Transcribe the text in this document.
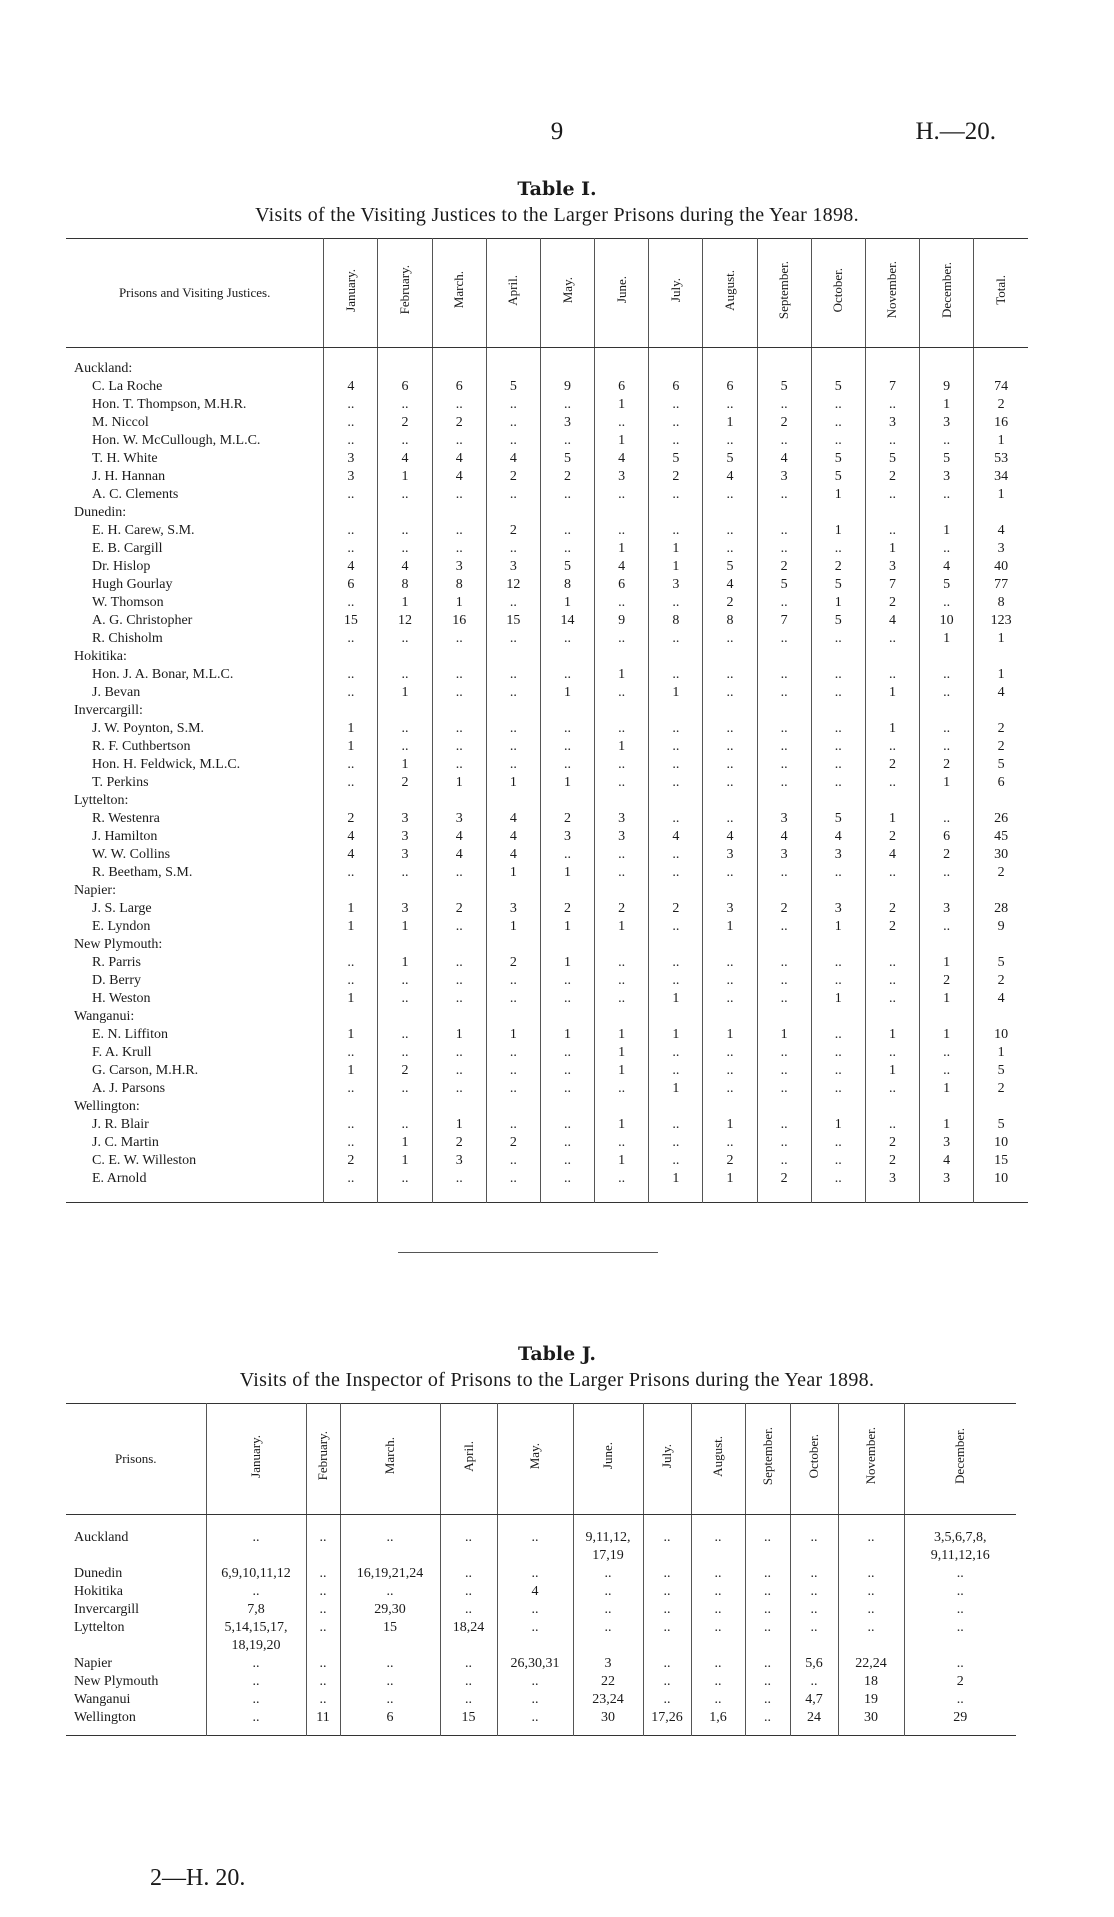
9	H.—20.
Table I.
Visits of the Visiting Justices to the Larger Prisons during the Year 1898.
Prisons and Visiting Justices.	January.	February.	March.	April.	May.	June.	July.	August.	September.	October.	November.	December.	Total.
Auckland:													
C. La Roche	4	6	6	5	9	6	6	6	5	5	7	9	74
Hon. T. Thompson, M.H.R.	..	..	..	..	..	1	..	..	..	..	..	1	2
M. Niccol	..	2	2	..	3	..	..	1	2	..	3	3	16
Hon. W. McCullough, M.L.C.	..	..	..	..	..	1	..	..	..	..	..	..	1
T. H. White	3	4	4	4	5	4	5	5	4	5	5	5	53
J. H. Hannan	3	1	4	2	2	3	2	4	3	5	2	3	34
A. C. Clements	..	..	..	..	..	..	..	..	..	1	..	..	1
Dunedin:													
E. H. Carew, S.M.	..	..	..	2	..	..	..	..	..	1	..	1	4
E. B. Cargill	..	..	..	..	..	1	1	..	..	..	1	..	3
Dr. Hislop	4	4	3	3	5	4	1	5	2	2	3	4	40
Hugh Gourlay	6	8	8	12	8	6	3	4	5	5	7	5	77
W. Thomson	..	1	1	..	1	..	..	2	..	1	2	..	8
A. G. Christopher	15	12	16	15	14	9	8	8	7	5	4	10	123
R. Chisholm	..	..	..	..	..	..	..	..	..	..	..	1	1
Hokitika:													
Hon. J. A. Bonar, M.L.C.	..	..	..	..	..	1	..	..	..	..	..	..	1
J. Bevan	..	1	..	..	1	..	1	..	..	..	1	..	4
Invercargill:													
J. W. Poynton, S.M.	1	..	..	..	..	..	..	..	..	..	1	..	2
R. F. Cuthbertson	1	..	..	..	..	1	..	..	..	..	..	..	2
Hon. H. Feldwick, M.L.C.	..	1	..	..	..	..	..	..	..	..	2	2	5
T. Perkins	..	2	1	1	1	..	..	..	..	..	..	1	6
Lyttelton:													
R. Westenra	2	3	3	4	2	3	..	..	3	5	1	..	26
J. Hamilton	4	3	4	4	3	3	4	4	4	4	2	6	45
W. W. Collins	4	3	4	4	..	..	..	3	3	3	4	2	30
R. Beetham, S.M.	..	..	..	1	1	..	..	..	..	..	..	..	2
Napier:													
J. S. Large	1	3	2	3	2	2	2	3	2	3	2	3	28
E. Lyndon	1	1	..	1	1	1	..	1	..	1	2	..	9
New Plymouth:													
R. Parris	..	1	..	2	1	..	..	..	..	..	..	1	5
D. Berry	..	..	..	..	..	..	..	..	..	..	..	2	2
H. Weston	1	..	..	..	..	..	1	..	..	1	..	1	4
Wanganui:													
E. N. Liffiton	1	..	1	1	1	1	1	1	1	..	1	1	10
F. A. Krull	..	..	..	..	..	1	..	..	..	..	..	..	1
G. Carson, M.H.R.	1	2	..	..	..	1	..	..	..	..	1	..	5
A. J. Parsons	..	..	..	..	..	..	1	..	..	..	..	1	2
Wellington:													
J. R. Blair	..	..	1	..	..	1	..	1	..	1	..	1	5
J. C. Martin	..	1	2	2	..	..	..	..	..	..	2	3	10
C. E. W. Willeston	2	1	3	..	..	1	..	2	..	..	2	4	15
E. Arnold	..	..	..	..	..	..	1	1	2	..	3	3	10
Table J.
Visits of the Inspector of Prisons to the Larger Prisons during the Year 1898.
Prisons.	January.	February.	March.	April.	May.	June.	July.	August.	September.	October.	November.	December.
Auckland	..	..	..	..	..	9,11,12, 17,19	..	..	..	..	..	3,5,6,7,8, 9,11,12,16
Dunedin	6,9,10,11,12	..	16,19,21,24	..	..	..	..	..	..	..	..	..
Hokitika	..	..	..	..	4	..	..	..	..	..	..	..
Invercargill	7,8	..	29,30	..	..	..	..	..	..	..	..	..
Lyttelton	5,14,15,17, 18,19,20	..	15	18,24	..	..	..	..	..	..	..	..
Napier	..	..	..	..	26,30,31	3	..	..	..	5,6	22,24	..
New Plymouth	..	..	..	..	..	22	..	..	..	..	18	2
Wanganui	..	..	..	..	..	23,24	..	..	..	4,7	19	..
Wellington	..	11	6	15	..	30	17,26	1,6	..	24	30	29
2—H. 20.
